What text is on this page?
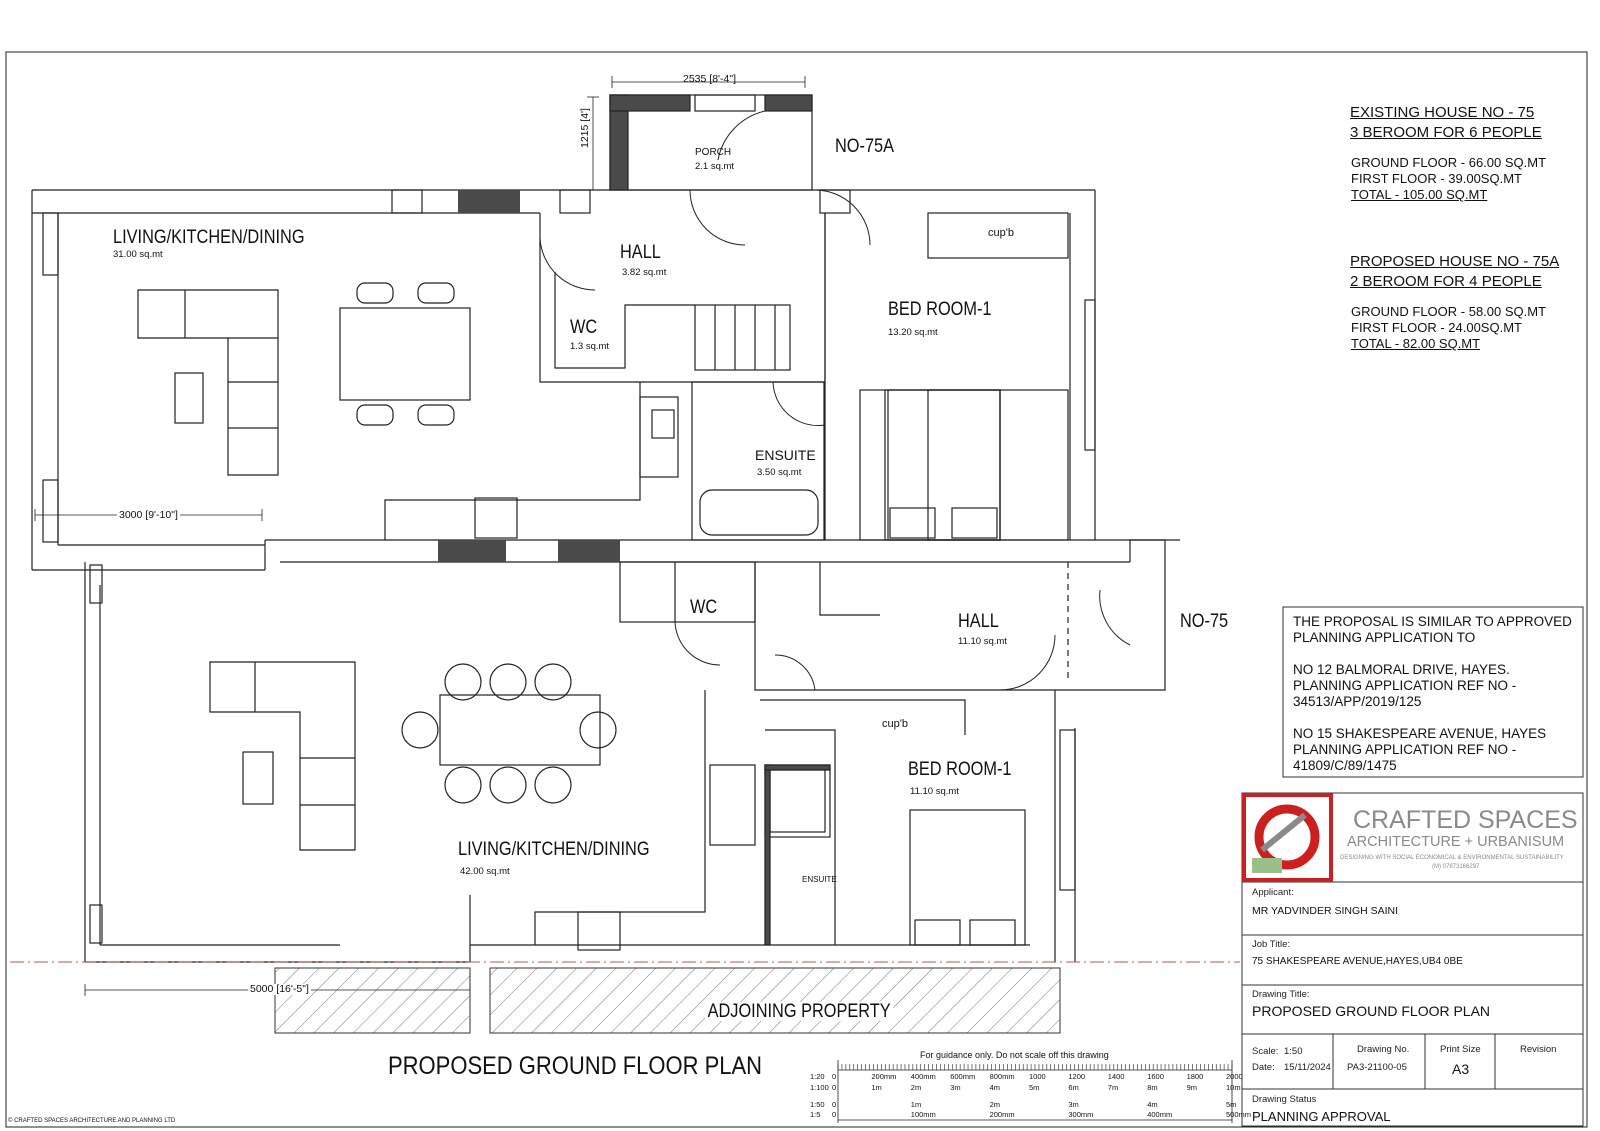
LIVING/KITCHEN/DINING
31.00 sq.mt	HALL
3.82 sq.mt
PORCH
2.1 sq.mt
WC
1.3 sq.mt
BED ROOM-1
13.20 sq.mt
ENSUITE
3.50 sq.mt
cup'b
NO-75A
LIVING/KITCHEN/DINING
42.00 sq.mt
HALL
11.10 sq.mt
WC
BED ROOM-1
11.10 sq.mt
ENSUITE
cup'b
NO-75
2535 [8'-4"]
1215 [4']
3000 [9'-10"]
5000 [16'-5"]
ADJOINING PROPERTY
PROPOSED GROUND FLOOR PLAN
EXISTING HOUSE NO - 75
3 BEROOM FOR 6 PEOPLE
GROUND FLOOR - 66.00 SQ.MT
FIRST FLOOR - 39.00SQ.MT
TOTAL - 105.00 SQ.MT
PROPOSED HOUSE NO - 75A
2 BEROOM FOR 4 PEOPLE
GROUND FLOOR - 58.00 SQ.MT
FIRST FLOOR - 24.00SQ.MT
TOTAL - 82.00 SQ.MT
THE PROPOSAL IS SIMILAR TO APPROVED
PLANNING APPLICATION TO
NO 12 BALMORAL DRIVE, HAYES.
PLANNING APPLICATION REF NO -
34513/APP/2019/125
NO 15 SHAKESPEARE AVENUE, HAYES
PLANNING APPLICATION REF NO -
41809/C/89/1475
CRAFTED SPACES
ARCHITECTURE + URBANISUM
DESIGNING WITH SOCIAL ECONOMICAL & ENVIRONMENTAL SUSTAINABILITY
(M) 07673166297
© CRAFTED SPACES ARCHITECTURE AND PLANNING LTD
Applicant:
MR YADVINDER SINGH SAINI
Job Title:
75 SHAKESPEARE AVENUE,HAYES,UB4 0BE
Drawing Title:
PROPOSED GROUND FLOOR PLAN
Scale: 1:50
Date: 15/11/2024
Drawing No.
PA3-21100-05
Print Size
A3
Revision
Drawing Status
PLANNING APPROVAL
For guidance only. Do not scale off this drawing
1:20
1:100
1:50
1:5
0	200mm 400mm 600mm 800mm 1000	1200	1400	1600	1800	2000
0	1m	2m	3m	4m	5m	6m	7m	8m	9m	10m
0	1m	2m	3m	4m	5m
0	100mm	200mm	300mm	400mm	500mm
